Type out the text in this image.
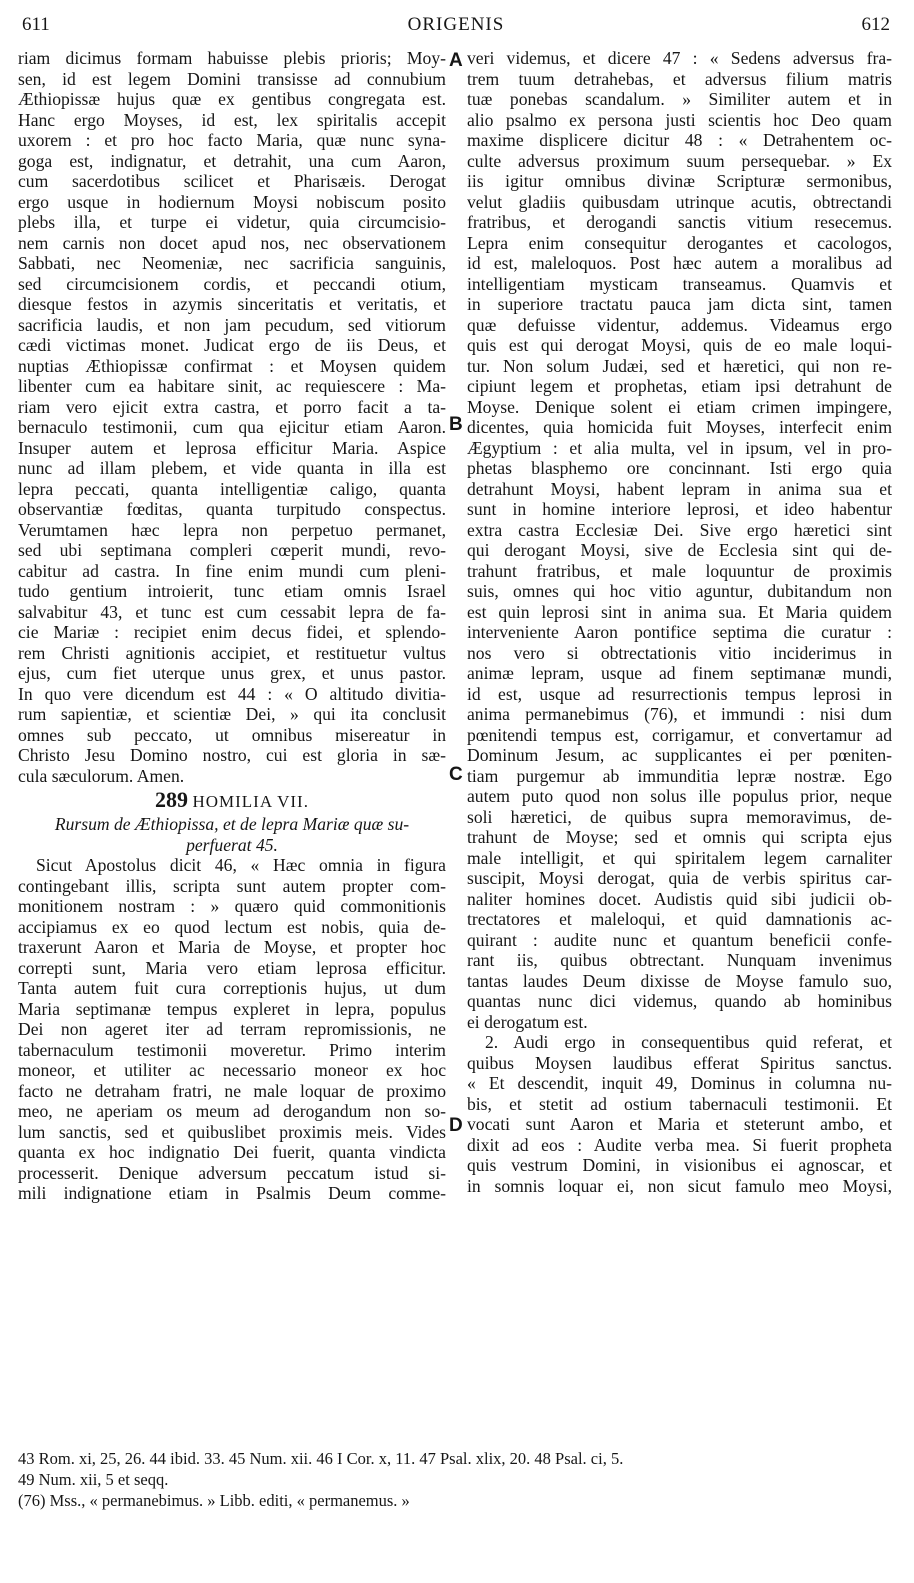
611	ORIGENIS	612

riam dicimus formam habuisse plebis prioris; Moy-

sen, id est legem Domini transisse ad connubium

Æthiopissæ hujus quæ ex gentibus congregata est.

Hanc ergo Moyses, id est, lex spiritalis accepit

uxorem : et pro hoc facto Maria, quæ nunc syna-

goga est, indignatur, et detrahit, una cum Aaron,

cum sacerdotibus scilicet et Pharisæis. Derogat

ergo usque in hodiernum Moysi nobiscum posito

plebs illa, et turpe ei videtur, quia circumcisio-

nem carnis non docet apud nos, nec observationem

Sabbati, nec Neomeniæ, nec sacrificia sanguinis,

sed circumcisionem cordis, et peccandi otium,

diesque festos in azymis sinceritatis et veritatis, et

sacrificia laudis, et non jam pecudum, sed vitiorum

cædi victimas monet. Judicat ergo de iis Deus, et

nuptias Æthiopissæ confirmat : et Moysen quidem

libenter cum ea habitare sinit, ac requiescere : Ma-

riam vero ejicit extra castra, et porro facit a ta-

bernaculo testimonii, cum qua ejicitur etiam Aaron.

Insuper autem et leprosa efficitur Maria. Aspice

nunc ad illam plebem, et vide quanta in illa est

lepra peccati, quanta intelligentiæ caligo, quanta

observantiæ fœditas, quanta turpitudo conspectus.

Verumtamen hæc lepra non perpetuo permanet,

sed ubi septimana compleri cœperit mundi, revo-

cabitur ad castra. In fine enim mundi cum pleni-

tudo gentium introierit, tunc etiam omnis Israel

salvabitur 43, et tunc est cum cessabit lepra de fa-

cie Mariæ : recipiet enim decus fidei, et splendo-

rem Christi agnitionis accipiet, et restituetur vultus

ejus, cum fiet uterque unus grex, et unus pastor.

In quo vere dicendum est 44 : « O altitudo divitia-

rum sapientiæ, et scientiæ Dei, » qui ita conclusit

omnes sub peccato, ut omnibus misereatur in

Christo Jesu Domino nostro, cui est gloria in sæ-

cula sæculorum. Amen.

289 HOMILIA VII.

Rursum de Æthiopissa, et de lepra Mariæ quæ su-

perfuerat 45.

Sicut Apostolus dicit 46, « Hæc omnia in figura

contingebant illis, scripta sunt autem propter com-

monitionem nostram : » quæro quid commonitionis

accipiamus ex eo quod lectum est nobis, quia de-

traxerunt Aaron et Maria de Moyse, et propter hoc

correpti sunt, Maria vero etiam leprosa efficitur.

Tanta autem fuit cura correptionis hujus, ut dum

Maria septimanæ tempus expleret in lepra, populus

Dei non ageret iter ad terram repromissionis, ne

tabernaculum testimonii moveretur. Primo interim

moneor, et utiliter ac necessario moneor ex hoc

facto ne detraham fratri, ne male loquar de proximo

meo, ne aperiam os meum ad derogandum non so-

lum sanctis, sed et quibuslibet proximis meis. Vides

quanta ex hoc indignatio Dei fuerit, quanta vindicta

processerit. Denique adversum peccatum istud si-

mili indignatione etiam in Psalmis Deum comme-

veri videmus, et dicere 47 : « Sedens adversus fra-

trem tuum detrahebas, et adversus filium matris

tuæ ponebas scandalum. » Similiter autem et in

alio psalmo ex persona justi scientis hoc Deo quam

maxime displicere dicitur 48 : « Detrahentem oc-

culte adversus proximum suum persequebar. » Ex

iis igitur omnibus divinæ Scripturæ sermonibus,

velut gladiis quibusdam utrinque acutis, obtrectandi

fratribus, et derogandi sanctis vitium resecemus.

Lepra enim consequitur derogantes et cacologos,

id est, maleloquos. Post hæc autem a moralibus ad

intelligentiam mysticam transeamus. Quamvis et

in superiore tractatu pauca jam dicta sint, tamen

quæ defuisse videntur, addemus. Videamus ergo

quis est qui derogat Moysi, quis de eo male loqui-

tur. Non solum Judæi, sed et hæretici, qui non re-

cipiunt legem et prophetas, etiam ipsi detrahunt de

Moyse. Denique solent ei etiam crimen impingere,

dicentes, quia homicida fuit Moyses, interfecit enim

Ægyptium : et alia multa, vel in ipsum, vel in pro-

phetas blasphemo ore concinnant. Isti ergo quia

detrahunt Moysi, habent lepram in anima sua et

sunt in homine interiore leprosi, et ideo habentur

extra castra Ecclesiæ Dei. Sive ergo hæretici sint

qui derogant Moysi, sive de Ecclesia sint qui de-

trahunt fratribus, et male loquuntur de proximis

suis, omnes qui hoc vitio aguntur, dubitandum non

est quin leprosi sint in anima sua. Et Maria quidem

interveniente Aaron pontifice septima die curatur :

nos vero si obtrectationis vitio inciderimus in

animæ lepram, usque ad finem septimanæ mundi,

id est, usque ad resurrectionis tempus leprosi in

anima permanebimus (76), et immundi : nisi dum

pœnitendi tempus est, corrigamur, et convertamur ad

Dominum Jesum, ac supplicantes ei per pœniten-

tiam purgemur ab immunditia lepræ nostræ. Ego

autem puto quod non solus ille populus prior, neque

soli hæretici, de quibus supra memoravimus, de-

trahunt de Moyse; sed et omnis qui scripta ejus

male intelligit, et qui spiritalem legem carnaliter

suscipit, Moysi derogat, quia de verbis spiritus car-

naliter homines docet. Audistis quid sibi judicii ob-

trectatores et maleloqui, et quid damnationis ac-

quirant : audite nunc et quantum beneficii confe-

rant iis, quibus obtrectant. Nunquam invenimus

tantas laudes Deum dixisse de Moyse famulo suo,

quantas nunc dici videmus, quando ab hominibus

ei derogatum est.

2. Audi ergo in consequentibus quid referat, et

quibus Moysen laudibus efferat Spiritus sanctus.

« Et descendit, inquit 49, Dominus in columna nu-

bis, et stetit ad ostium tabernaculi testimonii. Et

vocati sunt Aaron et Maria et steterunt ambo, et

dixit ad eos : Audite verba mea. Si fuerit propheta

quis vestrum Domini, in visionibus ei agnoscar, et

in somnis loquar ei, non sicut famulo meo Moysi,

A
B
C
D

43 Rom. xi, 25, 26. 44 ibid. 33. 45 Num. xii. 46 I Cor. x, 11. 47 Psal. xlix, 20. 48 Psal. ci, 5.

49 Num. xii, 5 et seqq.

(76) Mss., « permanebimus. » Libb. editi, « permanemus. »
